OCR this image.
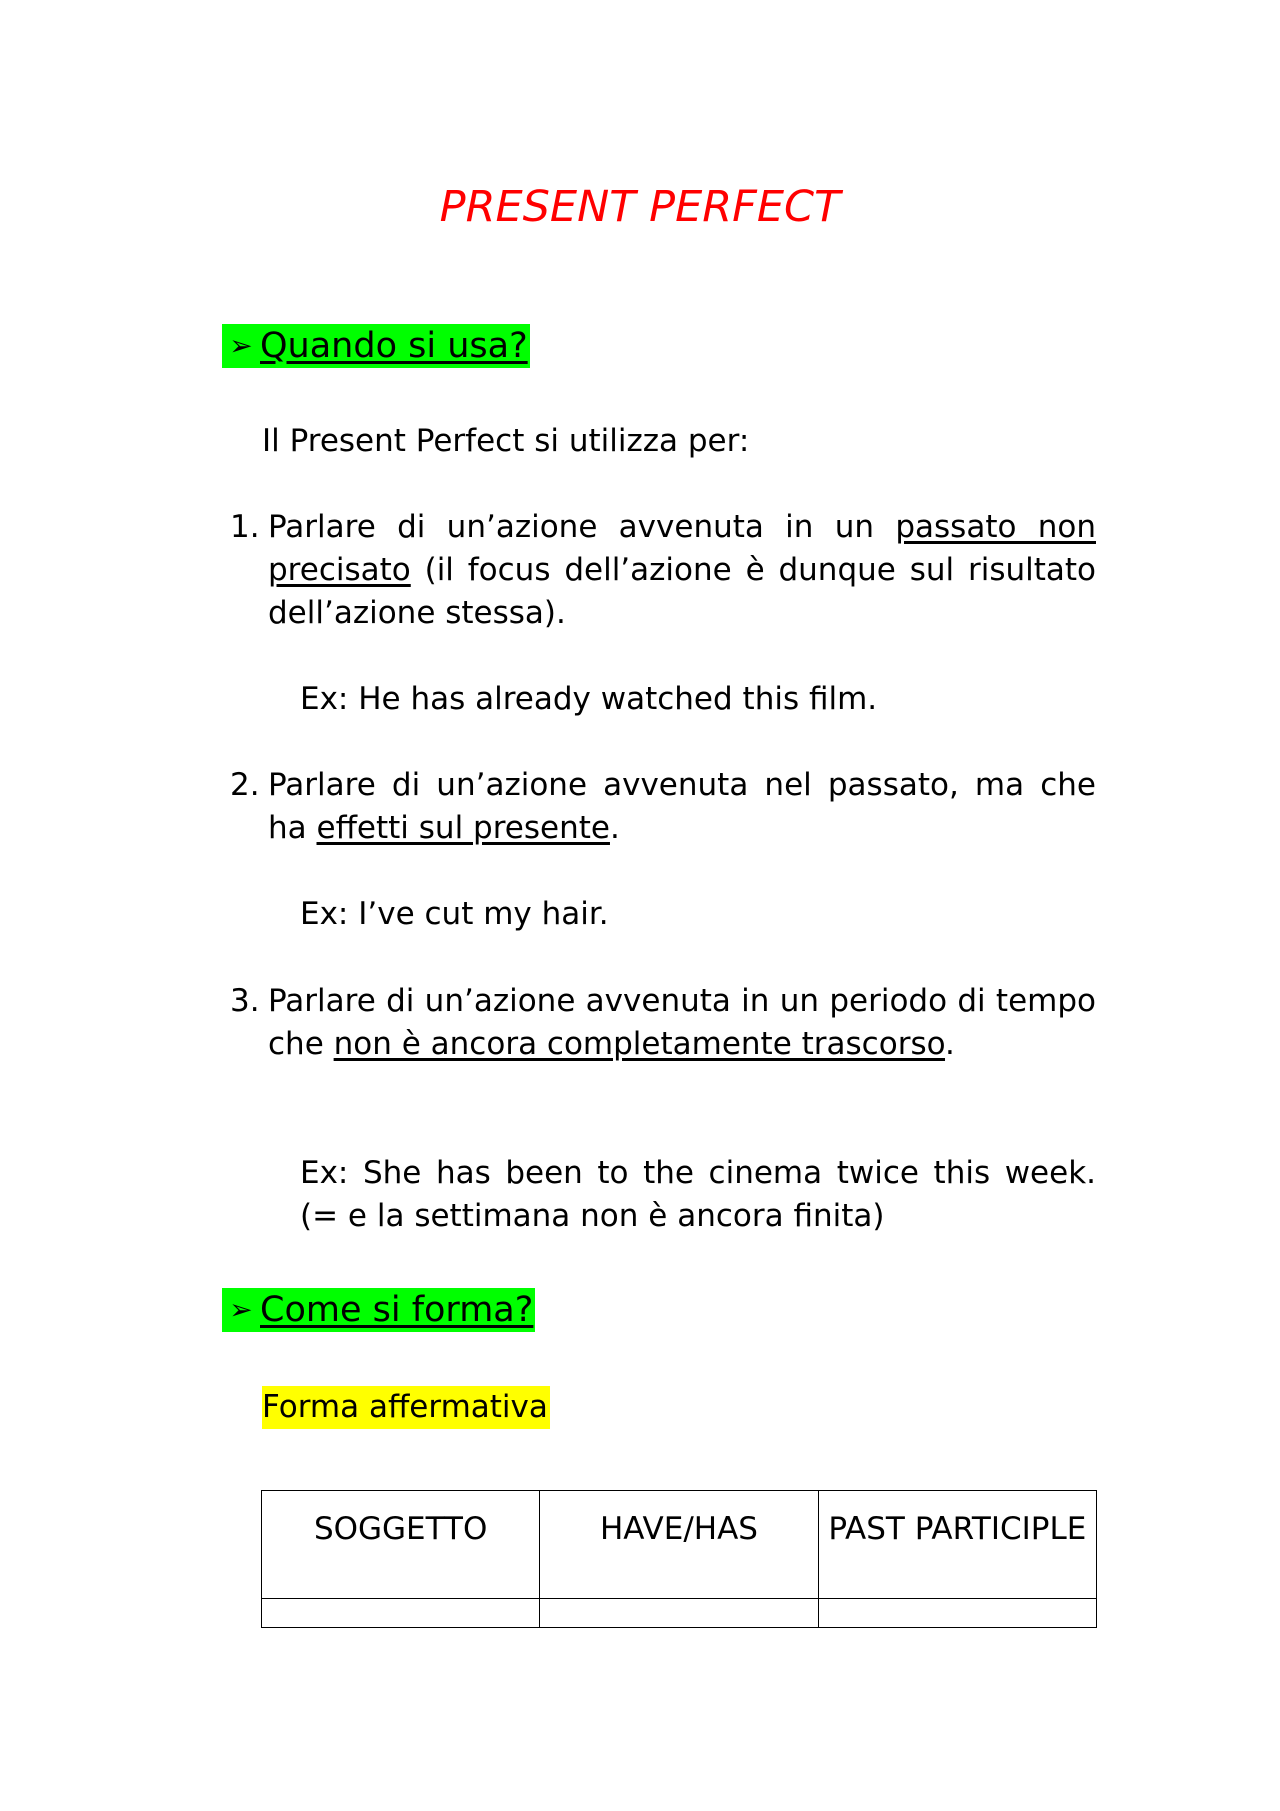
PRESENT PERFECT
➢ Quando si usa?
Il Present Perfect si utilizza per:
1. Parlare di un’azione avvenuta in un passato non precisato (il focus dell’azione è dunque sul risultato dell’azione stessa).
Ex: He has already watched this film.
2. Parlare di un’azione avvenuta nel passato, ma che ha effetti sul presente.
Ex: I’ve cut my hair.
3. Parlare di un’azione avvenuta in un periodo di tempo che non è ancora completamente trascorso.
Ex: She has been to the cinema twice this week. (= e la settimana non è ancora finita)
➢ Come si forma?
Forma affermativa
SOGGETTO	HAVE/HAS	PAST PARTICIPLE
